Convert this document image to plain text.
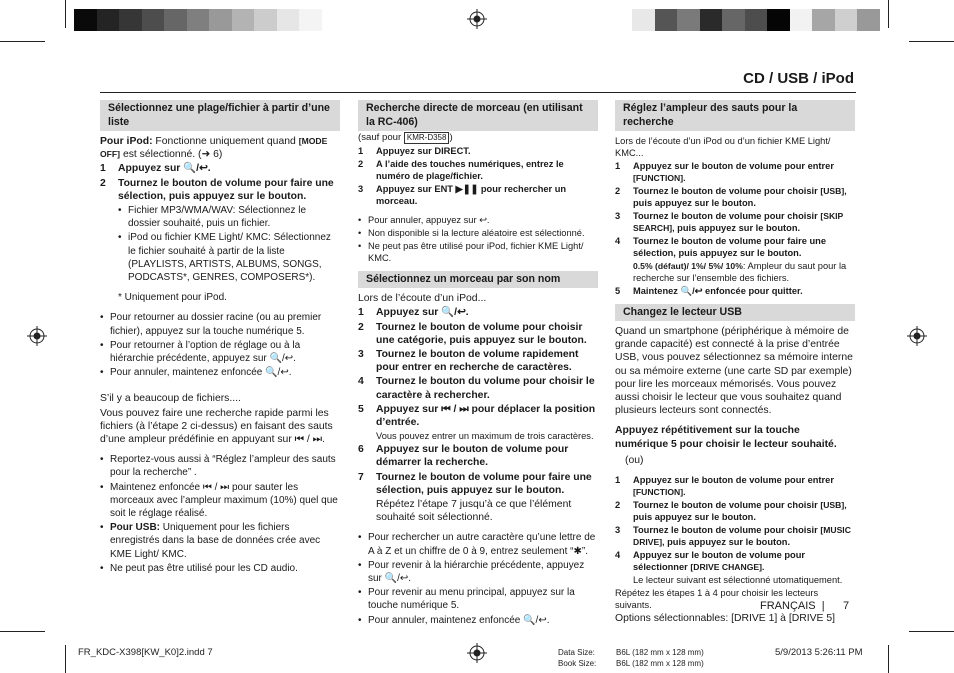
CD / USB / iPod
Sélectionnez une plage/fichier à partir d’une liste
Pour iPod: Fonctionne uniquement quand [MODE OFF] est sélectionné. (➜ 6)
1	Appuyez sur 🔍/↩.
2	Tournez le bouton de volume pour faire une sélection, puis appuyez sur le bouton.
• Fichier MP3/WMA/WAV: Sélectionnez le dossier souhaité, puis un fichier.
• iPod ou fichier KME Light/ KMC: Sélectionnez le fichier souhaité à partir de la liste (PLAYLISTS, ARTISTS, ALBUMS, SONGS, PODCASTS*, GENRES, COMPOSERS*).
* Uniquement pour iPod.
• Pour retourner au dossier racine (ou au premier fichier), appuyez sur la touche numérique 5.
• Pour retourner à l’option de réglage ou à la hiérarchie précédente, appuyez sur 🔍/↩.
• Pour annuler, maintenez enfoncée 🔍/↩.
S’il y a beaucoup de fichiers....
Vous pouvez faire une recherche rapide parmi les fichiers (à l’étape 2 ci-dessus) en faisant des sauts d’une ampleur prédéfinie en appuyant sur ⏮ / ⏭.
• Reportez-vous aussi à “Réglez l’ampleur des sauts pour la recherche” .
• Maintenez enfoncée ⏮ / ⏭ pour sauter les morceaux avec l’ampleur maximum (10%) quel que soit le réglage réalisé.
• Pour USB: Uniquement pour les fichiers enregistrés dans la base de données crée avec KME Light/ KMC.
• Ne peut pas être utilisé pour les CD audio.
Recherche directe de morceau (en utilisant la RC-406)
(sauf pour KMR-D358 )
1	Appuyez sur DIRECT.
2	A l’aide des touches numériques, entrez le numéro de plage/fichier.
3	Appuyez sur ENT ▶❚❚ pour rechercher un morceau.
• Pour annuler, appuyez sur ↩.
• Non disponible si la lecture aléatoire est sélectionné.
• Ne peut pas être utilisé pour iPod, fichier KME Light/ KMC.
Sélectionnez un morceau par son nom
Lors de l’écoute d’un iPod...
1	Appuyez sur 🔍/↩.
2	Tournez le bouton de volume pour choisir une catégorie, puis appuyez sur le bouton.
3	Tournez le bouton de volume rapidement pour entrer en recherche de caractères.
4	Tournez le bouton du volume pour choisir le caractère à rechercher.
5	Appuyez sur ⏮ / ⏭ pour déplacer la position d’entrée.
Vous pouvez entrer un maximum de trois caractères.
6	Appuyez sur le bouton de volume pour démarrer la recherche.
7	Tournez le bouton de volume pour faire une sélection, puis appuyez sur le bouton.
Répétez l’étape 7 jusqu’à ce que l’élément souhaité soit sélectionné.
• Pour rechercher un autre caractère qu’une lettre de A à Z et un chiffre de 0 à 9, entrez seulement “✱”.
• Pour revenir à la hiérarchie précédente, appuyez sur 🔍/↩.
• Pour revenir au menu principal, appuyez sur la touche numérique 5.
• Pour annuler, maintenez enfoncée 🔍/↩.
Réglez l’ampleur des sauts pour la recherche
Lors de l’écoute d’un iPod ou d’un fichier KME Light/ KMC...
1	Appuyez sur le bouton de volume pour entrer [FUNCTION].
2	Tournez le bouton de volume pour choisir [USB], puis appuyez sur le bouton.
3	Tournez le bouton de volume pour choisir [SKIP SEARCH], puis appuyez sur le bouton.
4	Tournez le bouton de volume pour faire une sélection, puis appuyez sur le bouton.
0.5% (défaut)/ 1%/ 5%/ 10%: Ampleur du saut pour la recherche sur l’ensemble des fichiers.
5	Maintenez 🔍/↩ enfoncée pour quitter.
Changez le lecteur USB
Quand un smartphone (périphérique à mémoire de grande capacité) est connecté à la prise d’entrée USB, vous pouvez sélectionnez sa mémoire interne ou sa mémoire externe (une carte SD par exemple) pour lire les morceaux mémorisés. Vous pouvez aussi choisir le lecteur que vous souhaitez quand plusieurs lecteurs sont connectés.
Appuyez répétitivement sur la touche numérique 5 pour choisir le lecteur souhaité.
(ou)
1	Appuyez sur le bouton de volume pour entrer [FUNCTION].
2	Tournez le bouton de volume pour choisir [USB], puis appuyez sur le bouton.
3	Tournez le bouton de volume pour choisir [MUSIC DRIVE], puis appuyez sur le bouton.
4	Appuyez sur le bouton de volume pour sélectionner [DRIVE CHANGE].
Le lecteur suivant est sélectionné utomatiquement.
Répétez les étapes 1 à 4 pour choisir les lecteurs suivants.
Options sélectionnables: [DRIVE 1] à [DRIVE 5]
FRANÇAIS | 7
FR_KDC-X398[KW_K0]2.indd 7	Data Size:	B6L (182 mm x 128 mm)
Book Size: B6L (182 mm x 128 mm)
5/9/2013 5:26:11 PM
